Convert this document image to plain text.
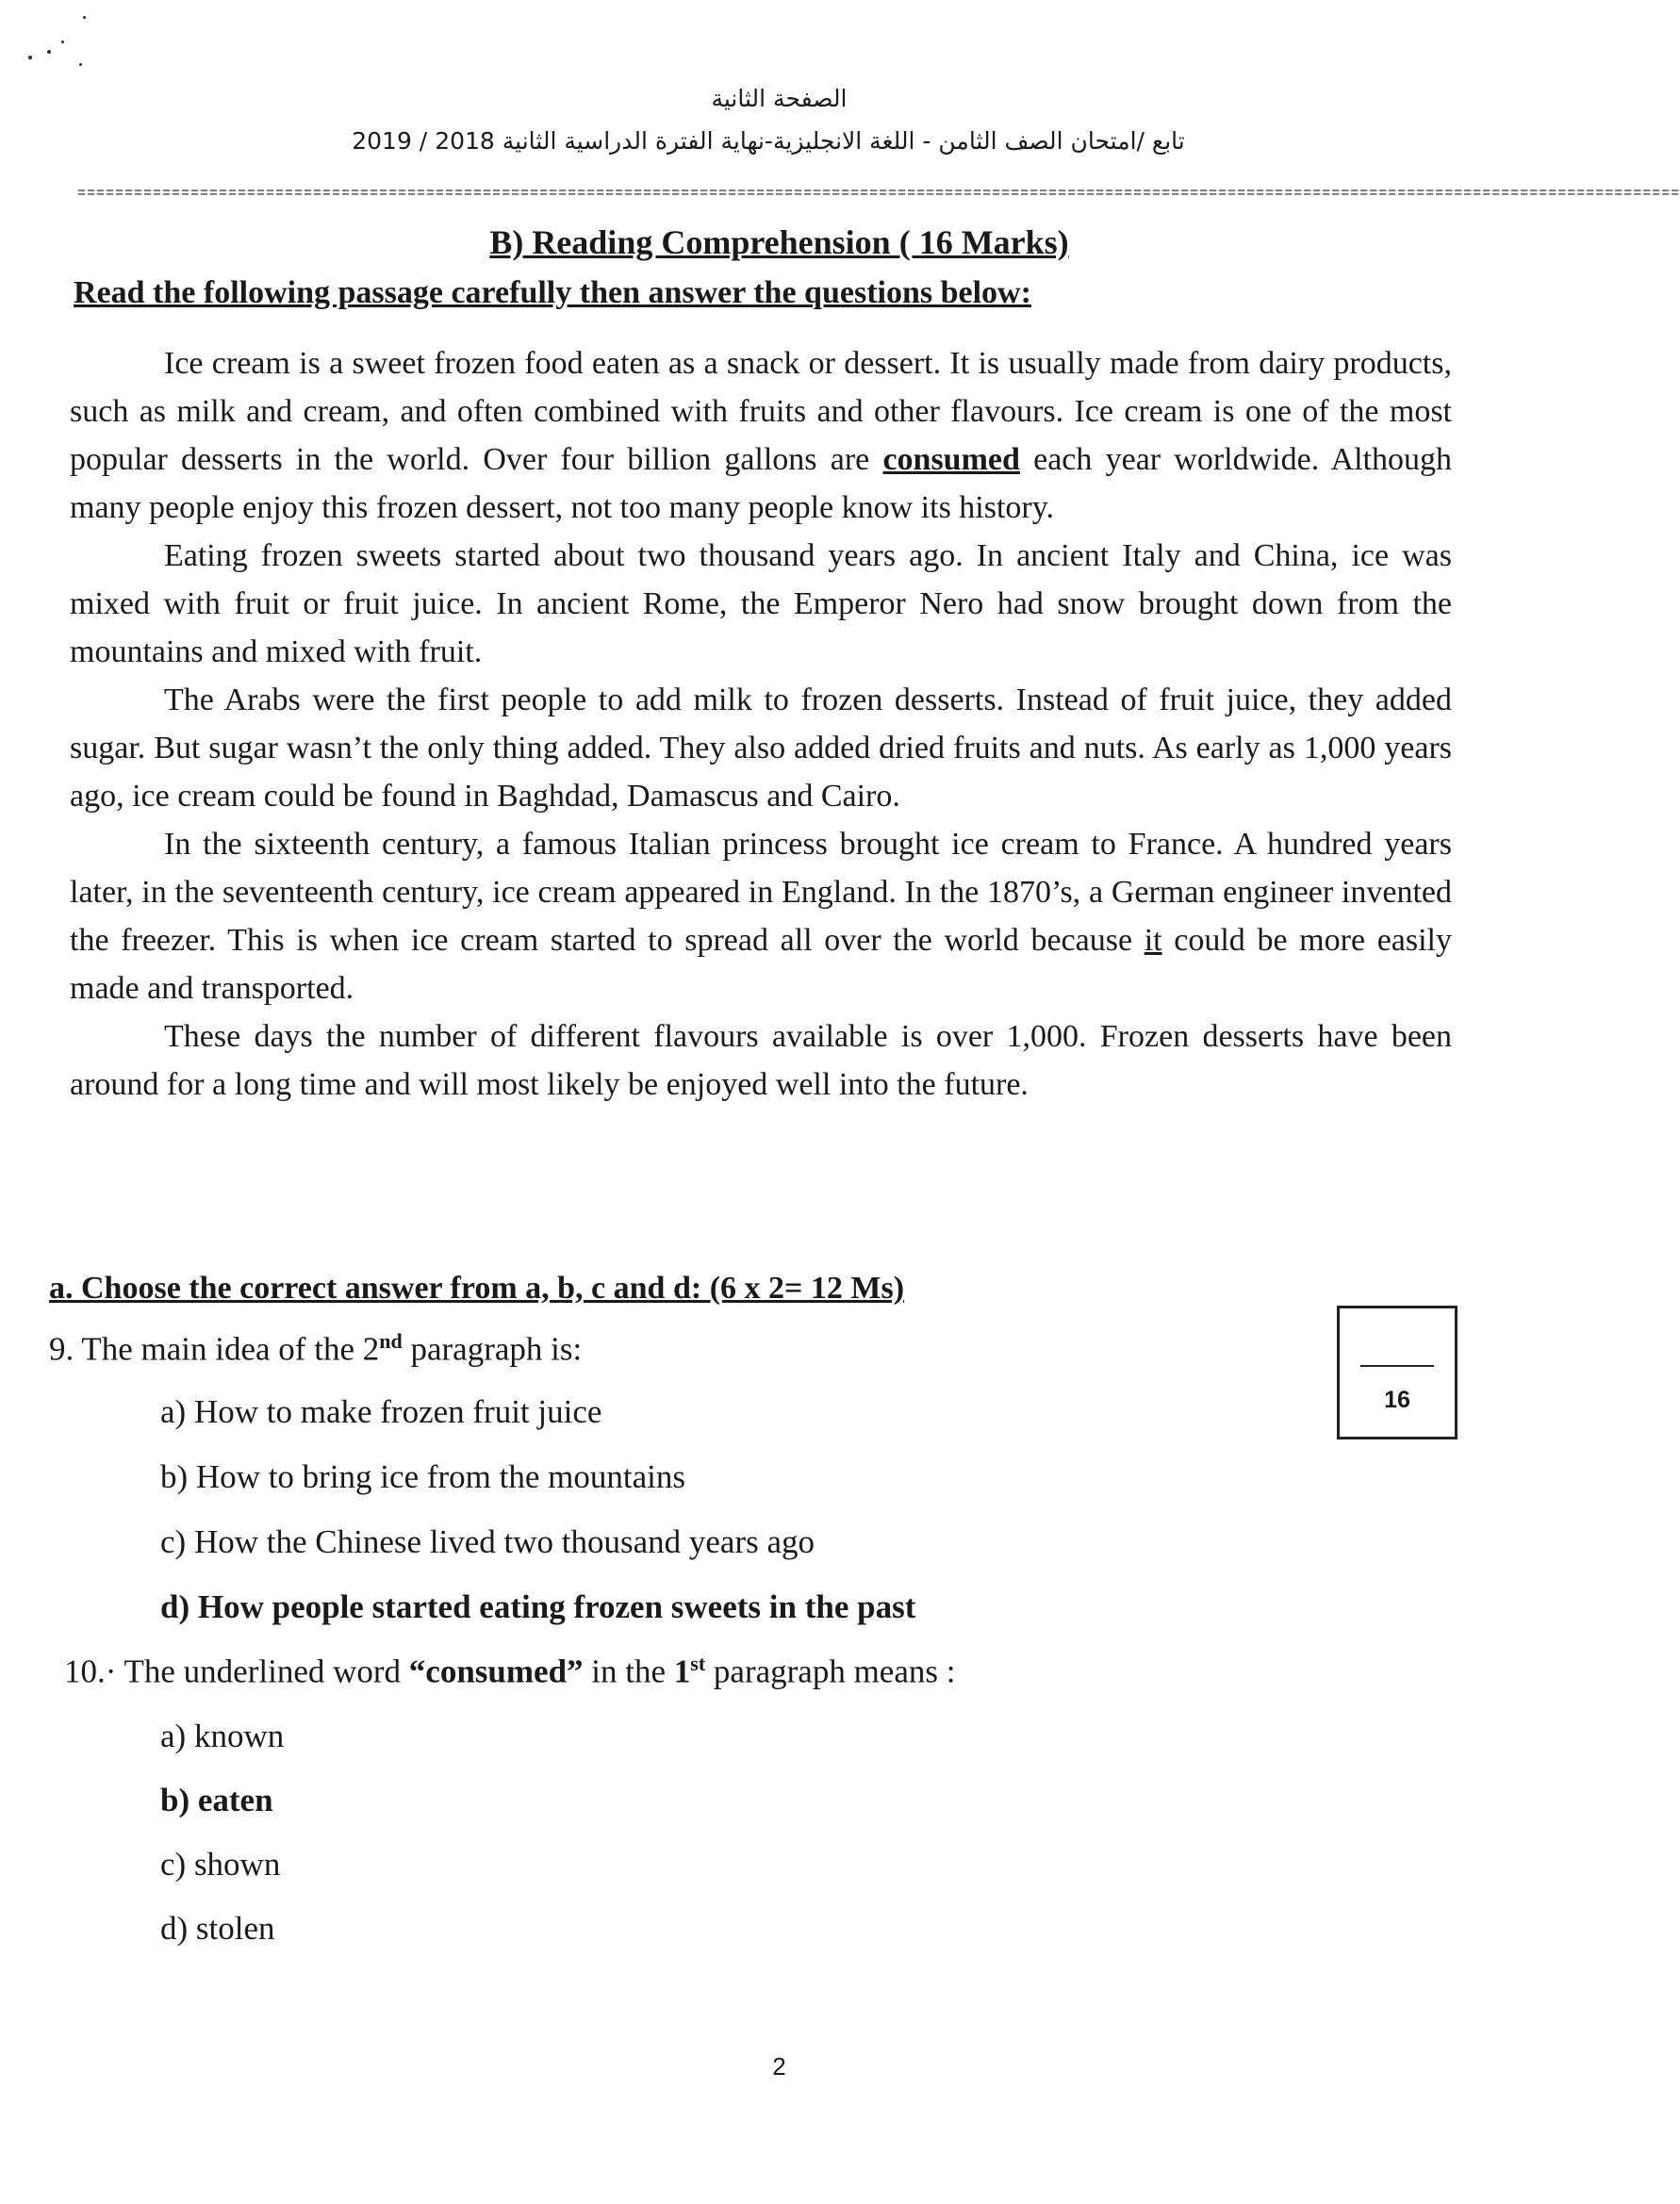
الصفحة الثانية
تابع /امتحان الصف الثامن - اللغة الانجليزية-نهاية الفترة الدراسية الثانية 2018 / 2019
==========================================================================================================================================================================
B) Reading Comprehension ( 16 Marks)
Read the following passage carefully then answer the questions below:

Ice cream is a sweet frozen food eaten as a snack or dessert. It is usually made from dairy products, such as milk and cream, and often combined with fruits and other flavours. Ice cream is one of the most popular desserts in the world. Over four billion gallons are consumed each year worldwide. Although many people enjoy this frozen dessert, not too many people know its history.

Eating frozen sweets started about two thousand years ago. In ancient Italy and China, ice was mixed with fruit or fruit juice. In ancient Rome, the Emperor Nero had snow brought down from the mountains and mixed with fruit.

The Arabs were the first people to add milk to frozen desserts. Instead of fruit juice, they added sugar. But sugar wasn’t the only thing added. They also added dried fruits and nuts. As early as 1,000 years ago, ice cream could be found in Baghdad, Damascus and Cairo.

In the sixteenth century, a famous Italian princess brought ice cream to France. A hundred years later, in the seventeenth century, ice cream appeared in England. In the 1870’s, a German engineer invented the freezer. This is when ice cream started to spread all over the world because it could be more easily made and transported.

These days the number of different flavours available is over 1,000. Frozen desserts have been around for a long time and will most likely be enjoyed well into the future.

a. Choose the correct answer from a, b, c and d: (6 x 2= 12 Ms)
16
9. The main idea of the 2nd paragraph is:
a) How to make frozen fruit juice
b) How to bring ice from the mountains
c) How the Chinese lived two thousand years ago
d) How people started eating frozen sweets in the past
10.· The underlined word “consumed” in the 1st paragraph means :
a) known
b) eaten
c) shown
d) stolen
2
